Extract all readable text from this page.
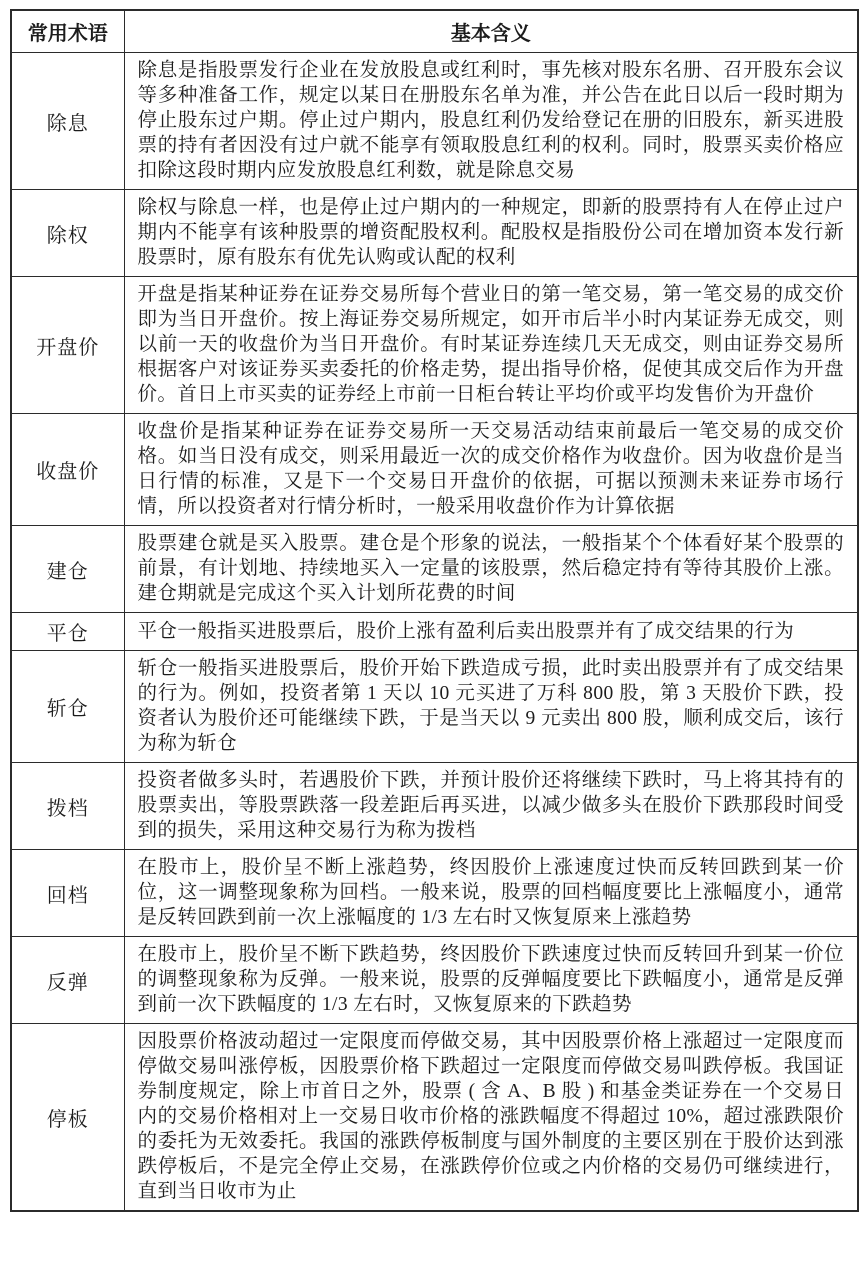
常用术语	基本含义
除息	除息是指股票发行企业在发放股息或红利时，事先核对股东名册、召开股东会议等多种准备工作，规定以某日在册股东名单为准，并公告在此日以后一段时期为停止股东过户期。停止过户期内，股息红利仍发给登记在册的旧股东，新买进股票的持有者因没有过户就不能享有领取股息红利的权利。同时，股票买卖价格应扣除这段时期内应发放股息红利数，就是除息交易
除权	除权与除息一样，也是停止过户期内的一种规定，即新的股票持有人在停止过户期内不能享有该种股票的增资配股权利。配股权是指股份公司在增加资本发行新股票时，原有股东有优先认购或认配的权利
开盘价	开盘是指某种证券在证券交易所每个营业日的第一笔交易，第一笔交易的成交价即为当日开盘价。按上海证券交易所规定，如开市后半小时内某证券无成交，则以前一天的收盘价为当日开盘价。有时某证券连续几天无成交，则由证券交易所根据客户对该证券买卖委托的价格走势，提出指导价格，促使其成交后作为开盘价。首日上市买卖的证券经上市前一日柜台转让平均价或平均发售价为开盘价
收盘价	收盘价是指某种证券在证券交易所一天交易活动结束前最后一笔交易的成交价格。如当日没有成交，则采用最近一次的成交价格作为收盘价。因为收盘价是当日行情的标准，又是下一个交易日开盘价的依据，可据以预测未来证券市场行情，所以投资者对行情分析时，一般采用收盘价作为计算依据
建仓	股票建仓就是买入股票。建仓是个形象的说法，一般指某个个体看好某个股票的前景，有计划地、持续地买入一定量的该股票，然后稳定持有等待其股价上涨。建仓期就是完成这个买入计划所花费的时间
平仓	平仓一般指买进股票后，股价上涨有盈利后卖出股票并有了成交结果的行为
斩仓	斩仓一般指买进股票后，股价开始下跌造成亏损，此时卖出股票并有了成交结果的行为。例如，投资者第 1 天以 10 元买进了万科 800 股，第 3 天股价下跌，投资者认为股价还可能继续下跌，于是当天以 9 元卖出 800 股，顺利成交后，该行为称为斩仓
拨档	投资者做多头时，若遇股价下跌，并预计股价还将继续下跌时，马上将其持有的股票卖出，等股票跌落一段差距后再买进，以减少做多头在股价下跌那段时间受到的损失，采用这种交易行为称为拨档
回档	在股市上，股价呈不断上涨趋势，终因股价上涨速度过快而反转回跌到某一价位，这一调整现象称为回档。一般来说，股票的回档幅度要比上涨幅度小，通常是反转回跌到前一次上涨幅度的 1/3 左右时又恢复原来上涨趋势
反弹	在股市上，股价呈不断下跌趋势，终因股价下跌速度过快而反转回升到某一价位的调整现象称为反弹。一般来说，股票的反弹幅度要比下跌幅度小，通常是反弹到前一次下跌幅度的 1/3 左右时，又恢复原来的下跌趋势
停板	因股票价格波动超过一定限度而停做交易，其中因股票价格上涨超过一定限度而停做交易叫涨停板，因股票价格下跌超过一定限度而停做交易叫跌停板。我国证券制度规定，除上市首日之外，股票 ( 含 A、B 股 ) 和基金类证券在一个交易日内的交易价格相对上一交易日收市价格的涨跌幅度不得超过 10%，超过涨跌限价的委托为无效委托。我国的涨跌停板制度与国外制度的主要区别在于股价达到涨跌停板后，不是完全停止交易，在涨跌停价位或之内价格的交易仍可继续进行，直到当日收市为止
